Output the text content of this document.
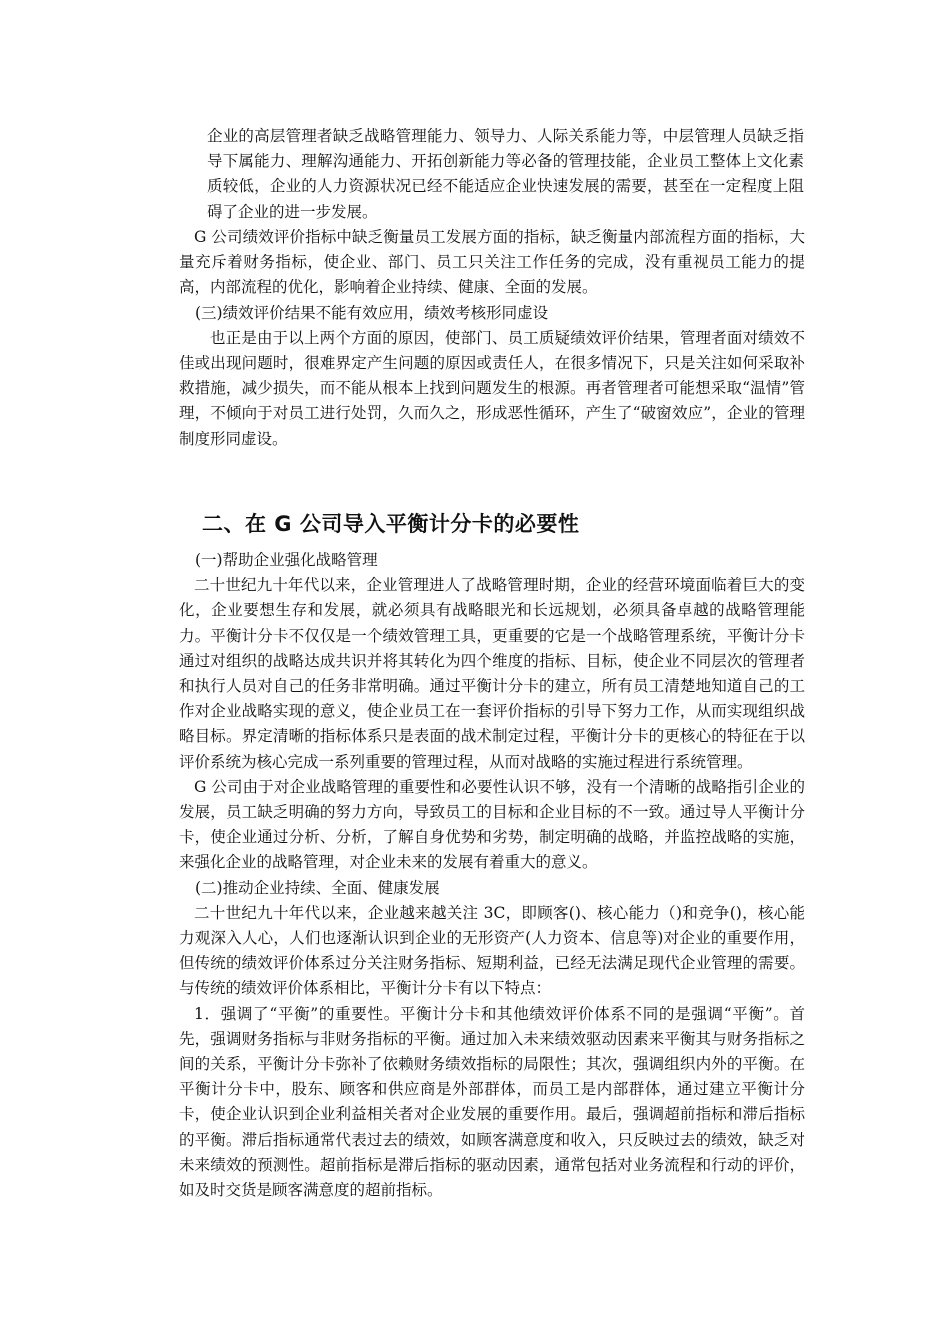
企业的高层管理者缺乏战略管理能力、领导力、人际关系能力等，中层管理人员缺乏指导下属能力、理解沟通能力、开拓创新能力等必备的管理技能，企业员工整体上文化素质较低，企业的人力资源状况已经不能适应企业快速发展的需要，甚至在一定程度上阻碍了企业的进一步发展。

G 公司绩效评价指标中缺乏衡量员工发展方面的指标，缺乏衡量内部流程方面的指标，大量充斥着财务指标，使企业、部门、员工只关注工作任务的完成，没有重视员工能力的提高，内部流程的优化，影响着企业持续、健康、全面的发展。

(三)绩效评价结果不能有效应用，绩效考核形同虚设

也正是由于以上两个方面的原因，使部门、员工质疑绩效评价结果，管理者面对绩效不佳或出现问题时，很难界定产生问题的原因或责任人，在很多情况下，只是关注如何采取补救措施，减少损失，而不能从根本上找到问题发生的根源。再者管理者可能想采取“温情”管理，不倾向于对员工进行处罚，久而久之，形成恶性循环，产生了“破窗效应”，企业的管理制度形同虚设。

二、在 G 公司导入平衡计分卡的必要性

(一)帮助企业强化战略管理

二十世纪九十年代以来，企业管理进人了战略管理时期，企业的经营环境面临着巨大的变化，企业要想生存和发展，就必须具有战略眼光和长远规划，必须具备卓越的战略管理能力。平衡计分卡不仅仅是一个绩效管理工具，更重要的它是一个战略管理系统，平衡计分卡通过对组织的战略达成共识并将其转化为四个维度的指标、目标，使企业不同层次的管理者和执行人员对自己的任务非常明确。通过平衡计分卡的建立，所有员工清楚地知道自己的工作对企业战略实现的意义，使企业员工在一套评价指标的引导下努力工作，从而实现组织战略目标。界定清晰的指标体系只是表面的战术制定过程，平衡计分卡的更核心的特征在于以评价系统为核心完成一系列重要的管理过程，从而对战略的实施过程进行系统管理。

G 公司由于对企业战略管理的重要性和必要性认识不够，没有一个清晰的战略指引企业的发展，员工缺乏明确的努力方向，导致员工的目标和企业目标的不一致。通过导人平衡计分卡，使企业通过分析、分析，了解自身优势和劣势，制定明确的战略，并监控战略的实施，来强化企业的战略管理，对企业未来的发展有着重大的意义。

(二)推动企业持续、全面、健康发展

二十世纪九十年代以来，企业越来越关注 3C，即顾客()、核心能力（)和竞争()，核心能力观深入人心，人们也逐渐认识到企业的无形资产(人力资本、信息等)对企业的重要作用，但传统的绩效评价体系过分关注财务指标、短期利益，已经无法满足现代企业管理的需要。与传统的绩效评价体系相比，平衡计分卡有以下特点：

1．强调了“平衡”的重要性。平衡计分卡和其他绩效评价体系不同的是强调“平衡”。首先，强调财务指标与非财务指标的平衡。通过加入未来绩效驱动因素来平衡其与财务指标之间的关系，平衡计分卡弥补了依赖财务绩效指标的局限性；其次，强调组织内外的平衡。在平衡计分卡中，股东、顾客和供应商是外部群体，而员工是内部群体，通过建立平衡计分卡，使企业认识到企业利益相关者对企业发展的重要作用。最后，强调超前指标和滞后指标的平衡。滞后指标通常代表过去的绩效，如顾客满意度和收入，只反映过去的绩效，缺乏对未来绩效的预测性。超前指标是滞后指标的驱动因素，通常包括对业务流程和行动的评价，如及时交货是顾客满意度的超前指标。
